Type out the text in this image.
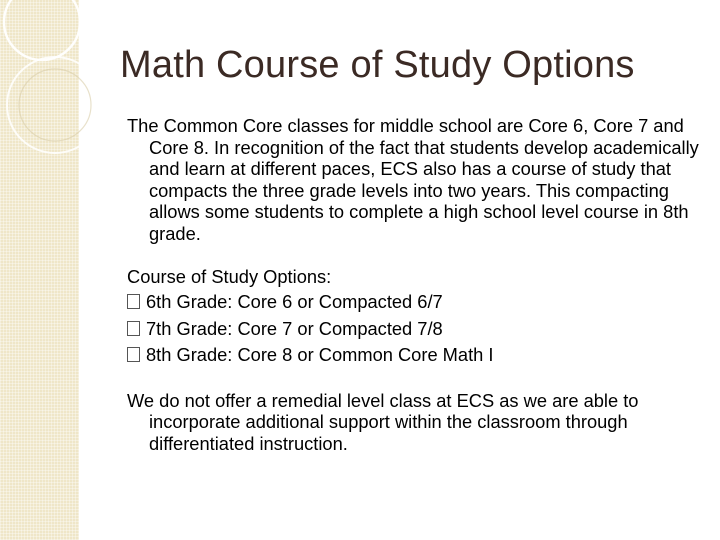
Math Course of Study Options

The Common Core classes for middle school are Core 6, Core 7 and Core 8. In recognition of the fact that students develop academically and learn at different paces, ECS also has a course of study that compacts the three grade levels into two years. This compacting allows some students to complete a high school level course in 8th grade.

Course of Study Options:

6th Grade: Core 6 or Compacted 6/7

7th Grade: Core 7 or Compacted 7/8

8th Grade: Core 8 or Common Core Math I

We do not offer a remedial level class at ECS as we are able to incorporate additional support within the classroom through differentiated instruction.
